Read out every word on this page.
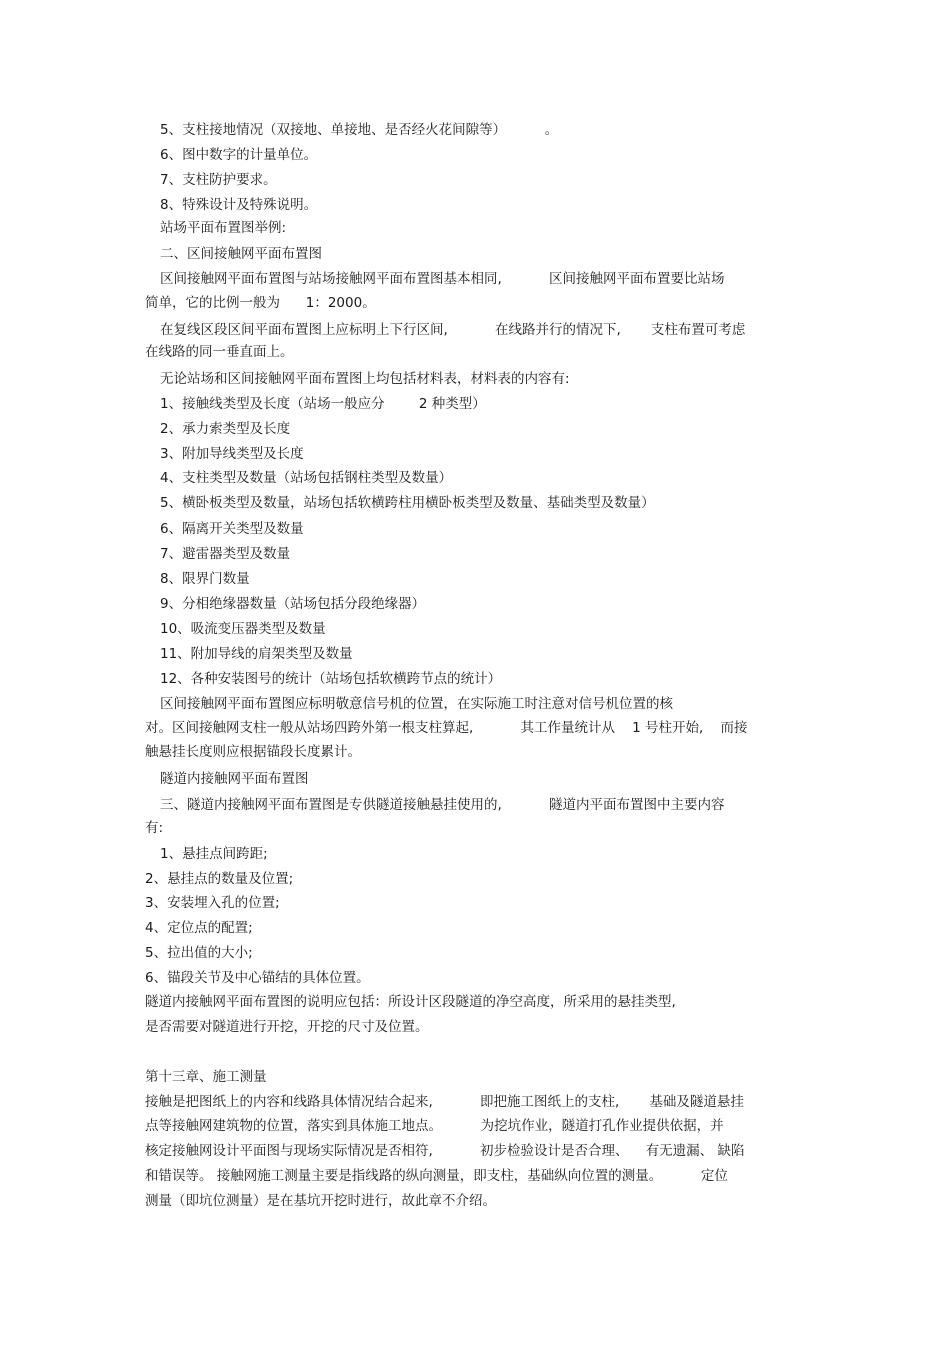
5、支柱接地情况（双接地、单接地、是否经火花间隙等）         。
6、图中数字的计量单位。
7、支柱防护要求。
8、特殊设计及特殊说明。
站场平面布置图举例:
二、区间接触网平面布置图
区间接触网平面布置图与站场接触网平面布置图基本相同,           区间接触网平面布置要比站场
简单，它的比例一般为      1：2000。
在复线区段区间平面布置图上应标明上下行区间,           在线路并行的情况下,       支柱布置可考虑
在线路的同一垂直面上。
无论站场和区间接触网平面布置图上均包括材料表，材料表的内容有:
1、接触线类型及长度（站场一般应分        2 种类型）
2、承力索类型及长度
3、附加导线类型及长度
4、支柱类型及数量（站场包括钢柱类型及数量）
5、横卧板类型及数量，站场包括软横跨柱用横卧板类型及数量、基础类型及数量）
6、隔离开关类型及数量
7、避雷器类型及数量
8、限界门数量
9、分相绝缘器数量（站场包括分段绝缘器）
10、吸流变压器类型及数量
11、附加导线的肩架类型及数量
12、各种安装图号的统计（站场包括软横跨节点的统计）
区间接触网平面布置图应标明敬意信号机的位置，在实际施工时注意对信号机位置的核
对。区间接触网支柱一般从站场四跨外第一根支柱算起,           其工作量统计从    1 号柱开始,    而接
触悬挂长度则应根据锚段长度累计。
隧道内接触网平面布置图
三、隧道内接触网平面布置图是专供隧道接触悬挂使用的,           隧道内平面布置图中主要内容
有:
1、悬挂点间跨距;
2、悬挂点的数量及位置;
3、安装埋入孔的位置;
4、定位点的配置;
5、拉出值的大小;
6、锚段关节及中心锚结的具体位置。
隧道内接触网平面布置图的说明应包括：所设计区段隧道的净空高度，所采用的悬挂类型,
是否需要对隧道进行开挖，开挖的尺寸及位置。
第十三章、施工测量
接触是把图纸上的内容和线路具体情况结合起来,           即把施工图纸上的支柱,       基础及隧道悬挂
点等接触网建筑物的位置，落实到具体施工地点。         为挖坑作业，隧道打孔作业提供依据，并
核定接触网设计平面图与现场实际情况是否相符,           初步检验设计是否合理、    有无遗漏、 缺陷
和错误等。 接触网施工测量主要是指线路的纵向测量，即支柱，基础纵向位置的测量。         定位
测量（即坑位测量）是在基坑开挖时进行，故此章不介绍。
